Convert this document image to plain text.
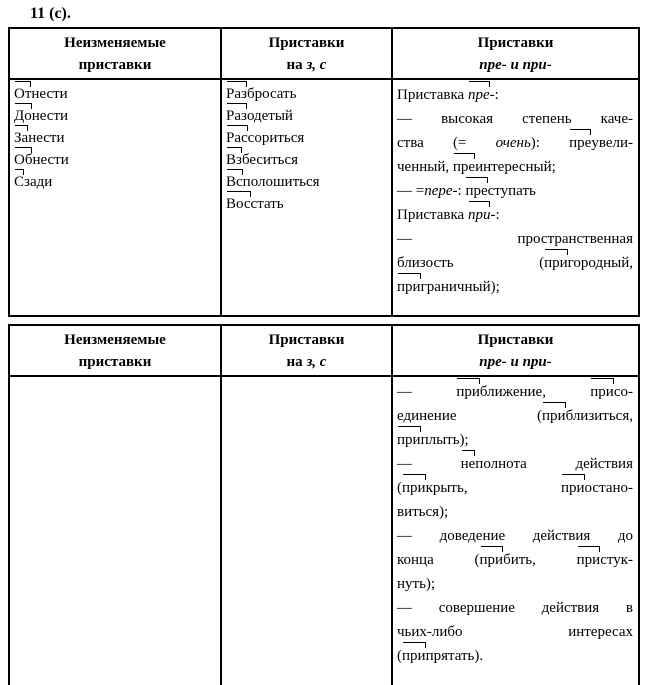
11 (с).
Неизменяемые
приставки
Приставки
на з, с
Приставки
пре- и при-
Отнести
Донести
Занести
Обнести
Сзади
Разбросать
Разодетый
Рассориться
Взбеситься
Всполошиться
Восстать
Приставка пре-:
— высокая степень каче-
ства (= очень): преувели-
ченный, преинтересный;
— =пере-: преступать
Приставка при-:
— пространственная
близость (пригородный,
приграничный);
Неизменяемые
приставки
Приставки
на з, с
Приставки
пре- и при-
— приближение, присо-
единение (приблизиться,
приплыть);
— неполнота действия
(прикрыть, приостано-
виться);
— доведение действия до
конца (прибить, пристук-
нуть);
— совершение действия в
чьих-либо интересах
(припрятать).
